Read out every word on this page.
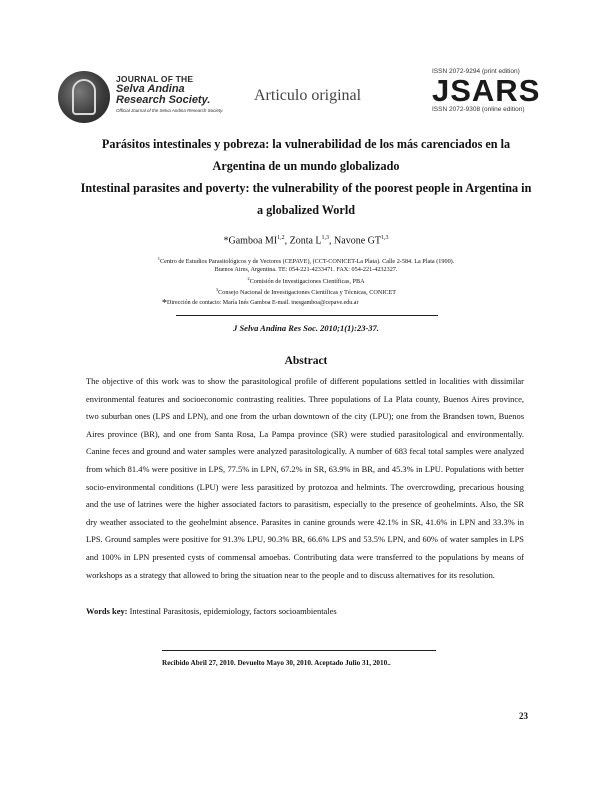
JOURNAL OF THE
Selva Andina
Research Society.
Official Journal of the Selva Andina Research Society.
Articulo original
ISSN 2072-9294 (print edition)
JSARS
ISSN 2072-9308 (online edition)
Parásitos intestinales y pobreza: la vulnerabilidad de los más carenciados en la
Argentina de un mundo globalizado
Intestinal parasites and poverty: the vulnerability of the poorest people in Argentina in
a globalized World
*Gamboa MI$^{1,2}$, Zonta L$^{1,3}$, Navone GT$^{1,3}$
$^1$Centro de Estudios Parasitológicos y de Vectores (CEPAVE), (CCT-CONICET-La Plata). Calle 2-584. La Plata (1900).
Buenos Aires, Argentina. TE: 054-221-4233471. FAX: 054-221-4232327.
$^2$Comisión de Investigaciones Científicas, PBA
$^3$Consejo Nacional de Investigaciones Científicas y Técnicas, CONICET
*Dirección de contacto: María Inés Gamboa E-mail. inesgamboa@cepave.edu.ar
J Selva Andina Res Soc. 2010;1(1):23-37.
Abstract
The objective of this work was to show the parasitological profile of different populations settled in localities with dissimilar environmental features and socioeconomic contrasting realities. Three populations of La Plata county, Buenos Aires province, two suburban ones (LPS and LPN), and one from the urban downtown of the city (LPU); one from the Brandsen town, Buenos Aires province (BR), and one from Santa Rosa, La Pampa province (SR) were studied parasitological and environmentally. Canine feces and ground and water samples were analyzed parasitologically. A number of 683 fecal total samples were analyzed from which 81.4% were positive in LPS, 77.5% in LPN, 67.2% in SR, 63.9% in BR, and 45.3% in LPU. Populations with better socio-environmental conditions (LPU) were less parasitized by protozoa and helmints. The overcrowding, precarious housing and the use of latrines were the higher associated factors to parasitism, especially to the presence of geohelmints. Also, the SR dry weather associated to the geohelmint absence. Parasites in canine grounds were 42.1% in SR, 41.6% in LPN and 33.3% in LPS. Ground samples were positive for 91.3% LPU, 90.3% BR, 66.6% LPS and 53.5% LPN, and 60% of water samples in LPS and 100% in LPN presented cysts of commensal amoebas. Contributing data were transferred to the populations by means of workshops as a strategy that allowed to bring the situation near to the people and to discuss alternatives for its resolution.
Words key: Intestinal Parasitosis, epidemiology, factors socioambientales
Recibido Abril 27, 2010. Devuelto Mayo 30, 2010. Aceptado Julio 31, 2010..
23
